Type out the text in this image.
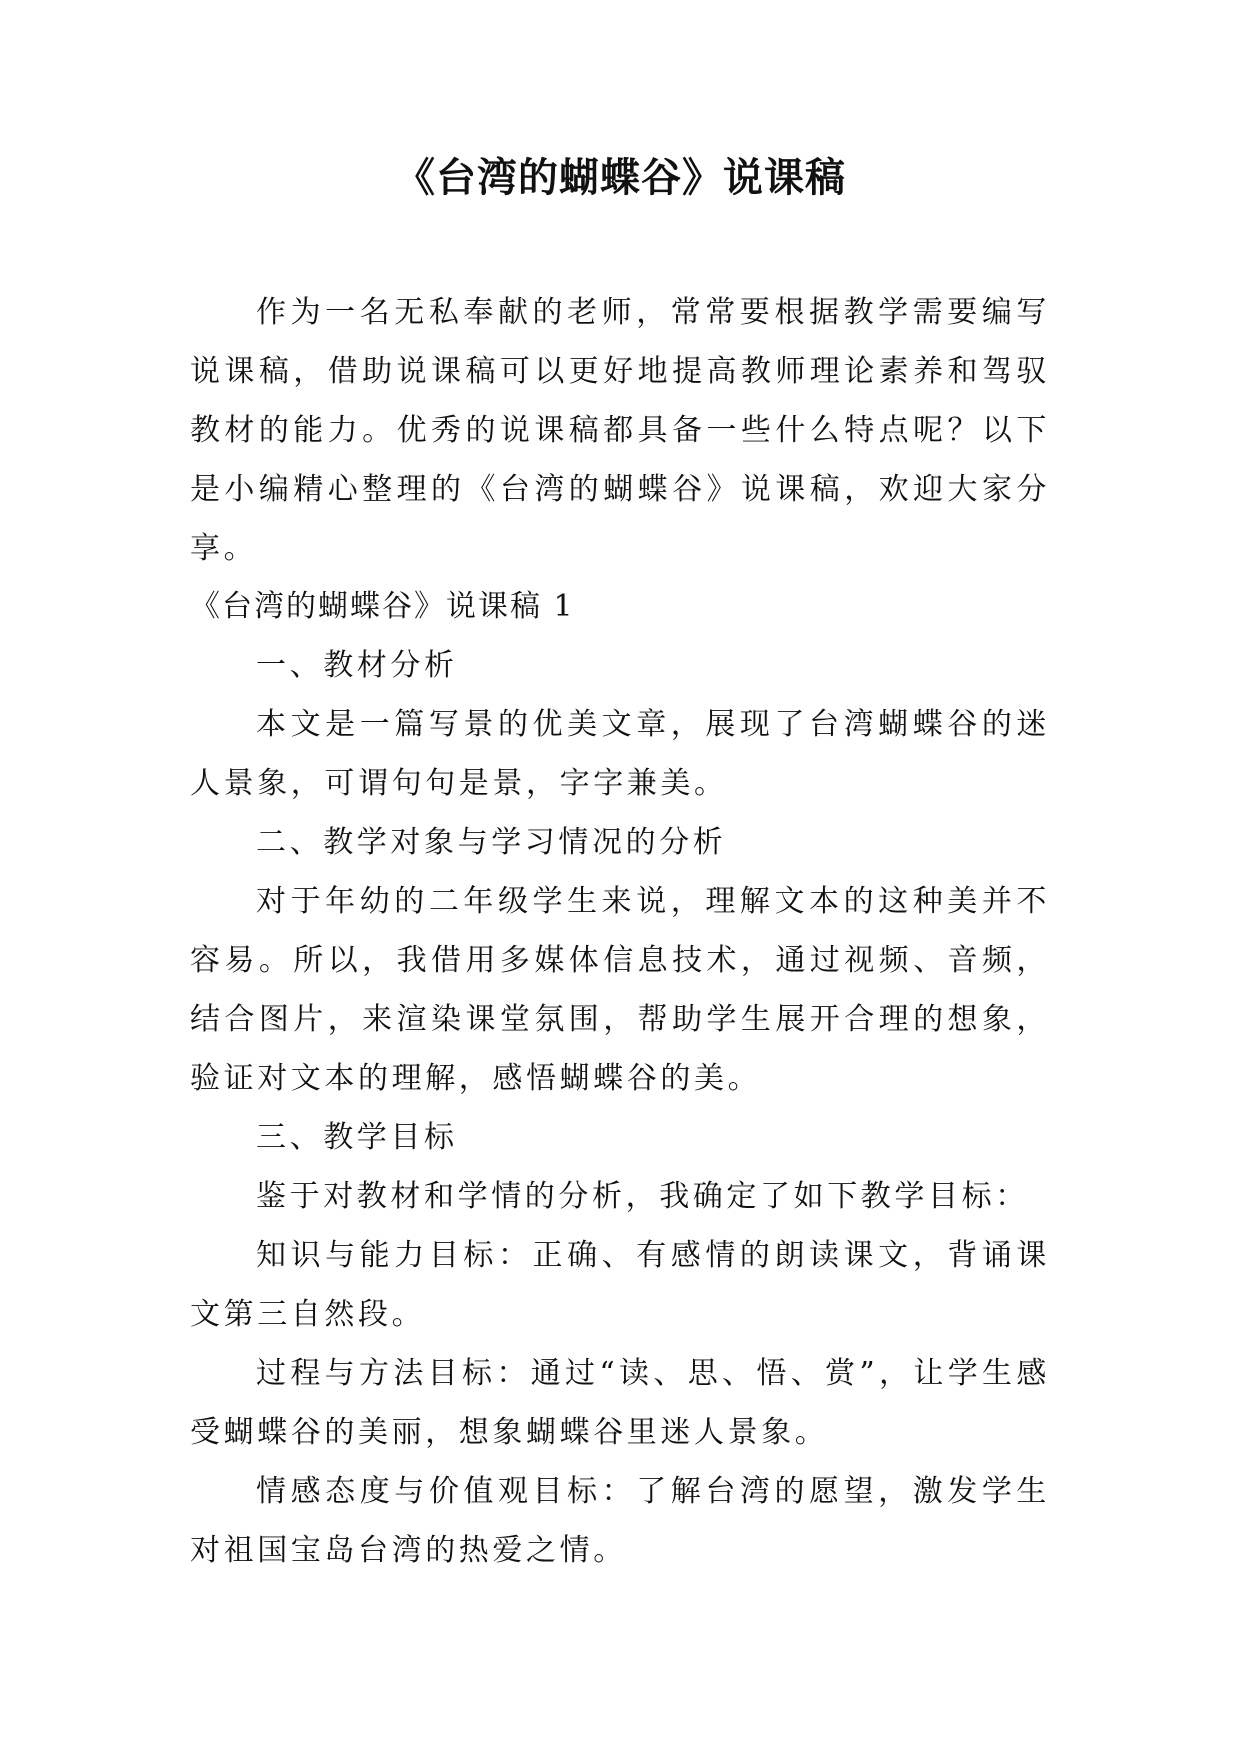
《台湾的蝴蝶谷》说课稿

作为一名无私奉献的老师，常常要根据教学需要编写说课稿，借助说课稿可以更好地提高教师理论素养和驾驭教材的能力。优秀的说课稿都具备一些什么特点呢？以下是小编精心整理的《台湾的蝴蝶谷》说课稿，欢迎大家分享。

《台湾的蝴蝶谷》说课稿 1

一、教材分析

本文是一篇写景的优美文章，展现了台湾蝴蝶谷的迷人景象，可谓句句是景，字字兼美。

二、教学对象与学习情况的分析

对于年幼的二年级学生来说，理解文本的这种美并不容易。所以，我借用多媒体信息技术，通过视频、音频，结合图片，来渲染课堂氛围，帮助学生展开合理的想象，验证对文本的理解，感悟蝴蝶谷的美。

三、教学目标

鉴于对教材和学情的分析，我确定了如下教学目标：

知识与能力目标：正确、有感情的朗读课文，背诵课文第三自然段。

过程与方法目标：通过“读、思、悟、赏”，让学生感受蝴蝶谷的美丽，想象蝴蝶谷里迷人景象。

情感态度与价值观目标：了解台湾的愿望，激发学生对祖国宝岛台湾的热爱之情。
